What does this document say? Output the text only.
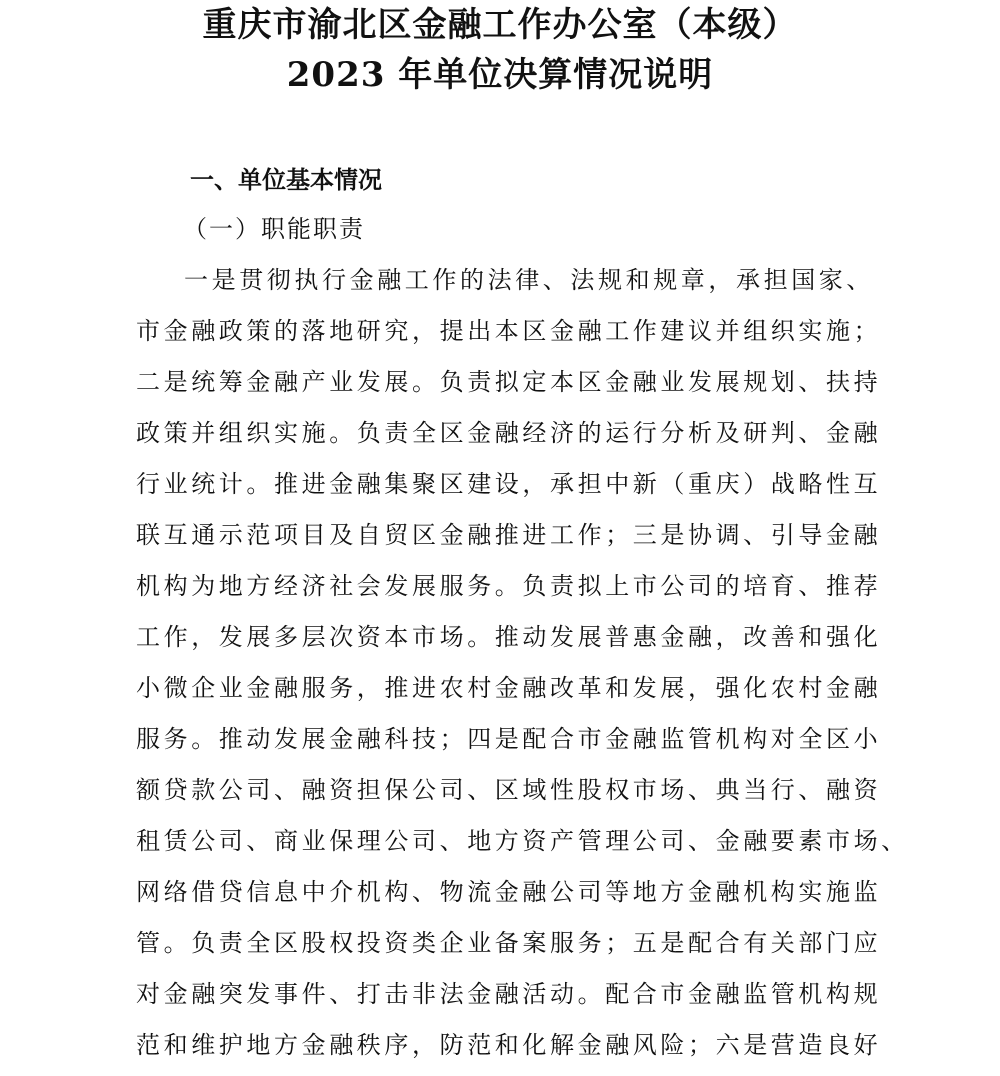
重庆市渝北区金融工作办公室（本级）
2023 年单位决算情况说明
一、单位基本情况
（一）职能职责
一是贯彻执行金融工作的法律、法规和规章，承担国家、
市金融政策的落地研究，提出本区金融工作建议并组织实施；
二是统筹金融产业发展。负责拟定本区金融业发展规划、扶持
政策并组织实施。负责全区金融经济的运行分析及研判、金融
行业统计。推进金融集聚区建设，承担中新（重庆）战略性互
联互通示范项目及自贸区金融推进工作；三是协调、引导金融
机构为地方经济社会发展服务。负责拟上市公司的培育、推荐
工作，发展多层次资本市场。推动发展普惠金融，改善和强化
小微企业金融服务，推进农村金融改革和发展，强化农村金融
服务。推动发展金融科技；四是配合市金融监管机构对全区小
额贷款公司、融资担保公司、区域性股权市场、典当行、融资
租赁公司、商业保理公司、地方资产管理公司、金融要素市场、
网络借贷信息中介机构、物流金融公司等地方金融机构实施监
管。负责全区股权投资类企业备案服务；五是配合有关部门应
对金融突发事件、打击非法金融活动。配合市金融监管机构规
范和维护地方金融秩序，防范和化解金融风险；六是营造良好
